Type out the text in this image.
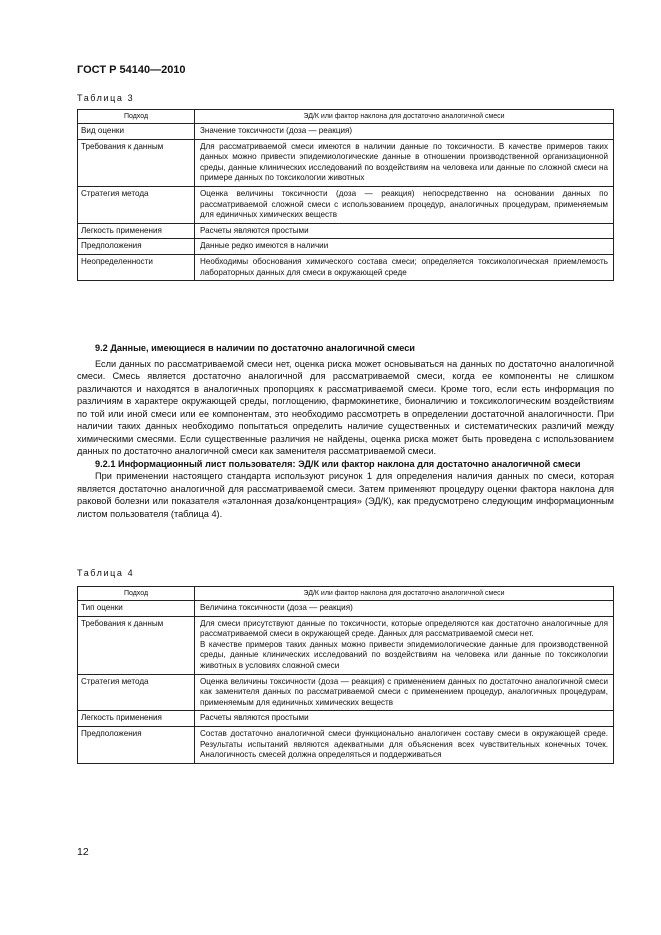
ГОСТ Р 54140—2010
Таблица 3
Подход	ЭД/К или фактор наклона для достаточно аналогичной смеси
Вид оценки	Значение токсичности (доза — реакция)
Требования к данным	Для рассматриваемой смеси имеются в наличии данные по токсичности. В качестве примеров таких данных можно привести эпидемиологические данные в отношении производственной организационной среды, данные клинических исследований по воздействиям на человека или данные по сложной смеси на примере данных по токсикологии животных
Стратегия метода	Оценка величины токсичности (доза — реакция) непосредственно на основании данных по рассматриваемой сложной смеси с использованием процедур, аналогичных процедурам, применяемым для единичных химических веществ
Легкость применения	Расчеты являются простыми
Предположения	Данные редко имеются в наличии
Неопределенности	Необходимы обоснования химического состава смеси; определяется токсикологическая приемлемость лабораторных данных для смеси в окружающей среде

9.2 Данные, имеющиеся в наличии по достаточно аналогичной смеси

Если данных по рассматриваемой смеси нет, оценка риска может основываться на данных по достаточно аналогичной смеси. Смесь является достаточно аналогичной для рассматриваемой смеси, когда ее компоненты не слишком различаются и находятся в аналогичных пропорциях к рассматриваемой смеси. Кроме того, если есть информация по различиям в характере окружающей среды, поглощению, фармокинетике, бионаличию и токсикологическим воздействиям по той или иной смеси или ее компонентам, это необходимо рассмотреть в определении достаточной аналогичности. При наличии таких данных необходимо попытаться определить наличие существенных и систематических различий между химическими смесями. Если существенные различия не найдены, оценка риска может быть проведена с использованием данных по достаточно аналогичной смеси как заменителя рассматриваемой смеси.

9.2.1 Информационный лист пользователя: ЭД/К или фактор наклона для достаточно аналогичной смеси

При применении настоящего стандарта используют рисунок 1 для определения наличия данных по смеси, которая является достаточно аналогичной для рассматриваемой смеси. Затем применяют процедуру оценки фактора наклона для раковой болезни или показателя «эталонная доза/концентрация» (ЭД/К), как предусмотрено следующим информационным листом пользователя (таблица 4).

Таблица 4
Подход	ЭД/К или фактор наклона для достаточно аналогичной смеси
Тип оценки	Величина токсичности (доза — реакция)
Требования к данным	Для смеси присутствуют данные по токсичности, которые определяются как достаточно аналогичные для рассматриваемой смеси в окружающей среде. Данных для рассматриваемой смеси нет.
В качестве примеров таких данных можно привести эпидемиологические данные для производственной среды, данные клинических исследований по воздействиям на человека или данные по токсикологии животных в условиях сложной смеси

Стратегия метода	Оценка величины токсичности (доза — реакция) с применением данных по достаточно аналогичной смеси как заменителя данных по рассматриваемой смеси с применением процедур, аналогичных процедурам, применяемым для единичных химических веществ
Легкость применения	Расчеты являются простыми
Предположения	Состав достаточно аналогичной смеси функционально аналогичен составу смеси в окружающей среде. Результаты испытаний являются адекватными для объяснения всех чувствительных конечных точек. Аналогичность смесей должна определяться и поддерживаться
12
